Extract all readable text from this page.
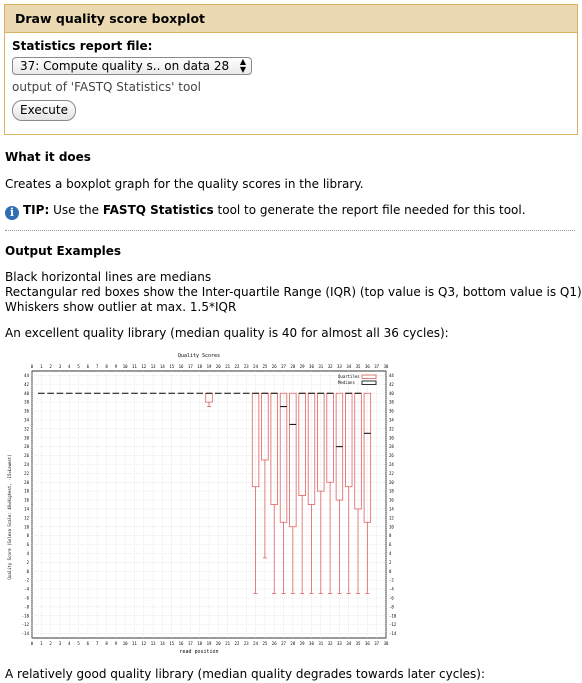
Draw quality score boxplot
Statistics report file:
37: Compute quality s.. on data 28 ▲
▼
output of 'FASTQ Statistics' tool
Execute
What it does
Creates a boxplot graph for the quality scores in the library.
i TIP: Use the FASTQ Statistics tool to generate the report file needed for this tool.
Output Examples
Black horizontal lines are medians
Rectangular red boxes show the Inter-quartile Range (IQR) (top value is Q3, bottom value is Q1)
Whiskers show outlier at max. 1.5*IQR
An excellent quality library (median quality is 40 for almost all 36 cycles):
Quality Scores
read position
Quality Score (Solexa Scale: 40=Highest, -15=Lowest)
-14	-14
-12	-12
-10	-10
-8	-8
-6	-6
-4	-4
-2	-2
0	0
2	2
4	4
6	6
8	8
10	10
12	12
14	14
16	16
18	18
20	20
22	22
24	24
26	26
28	28
30	30
32	32
34	34
36	36
38	38
40	40
42	42
44	44
0
0
1
1
2
2
3
3
4
4
5
5
6
6
7
7
8
8
9
9
10
10
11
11
12
12
13
13
14
14
15
15
16
16
17
17
18
18
19
19
20
20
21
21
22
22
23
23
24
24
25
25
26
26
27
27
28
28
29
29
30
30
31
31
32
32
33
33
34
34
35
35
36
36
37
37
38
38
Quartiles
Medians
A relatively good quality library (median quality degrades towards later cycles):
